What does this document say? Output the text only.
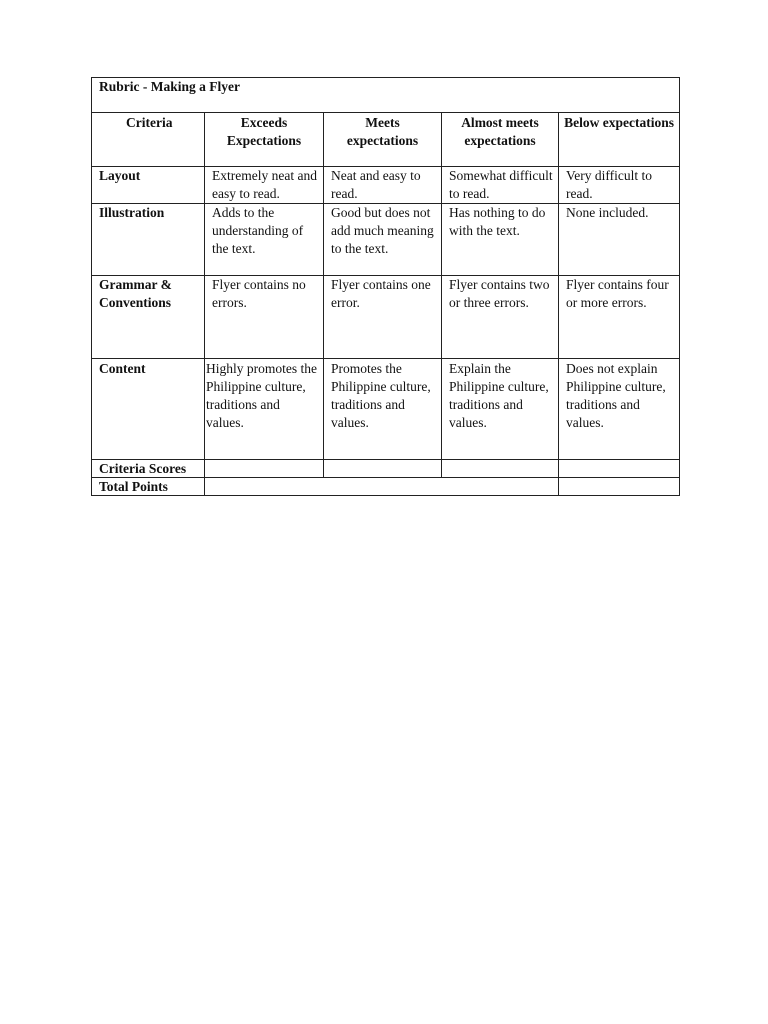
Rubric - Making a Flyer				
Criteria	Exceeds Expectations	Meets expectations	Almost meets expectations	Below expectations
Layout	Extremely neat and easy to read.	Neat and easy to read.	Somewhat difficult to read.	Very difficult to read.
Illustration	Adds to the understanding of the text.	Good but does not add much meaning to the text.	Has nothing to do with the text.	None included.
Grammar & Conventions	Flyer contains no errors.	Flyer contains one error.	Flyer contains two or three errors.	Flyer contains four or more errors.
Content	Highly promotes the Philippine culture, traditions and values.	Promotes the Philippine culture, traditions and values.	Explain the Philippine culture, traditions and values.	Does not explain Philippine culture, traditions and values.
Criteria Scores				
Total Points				
